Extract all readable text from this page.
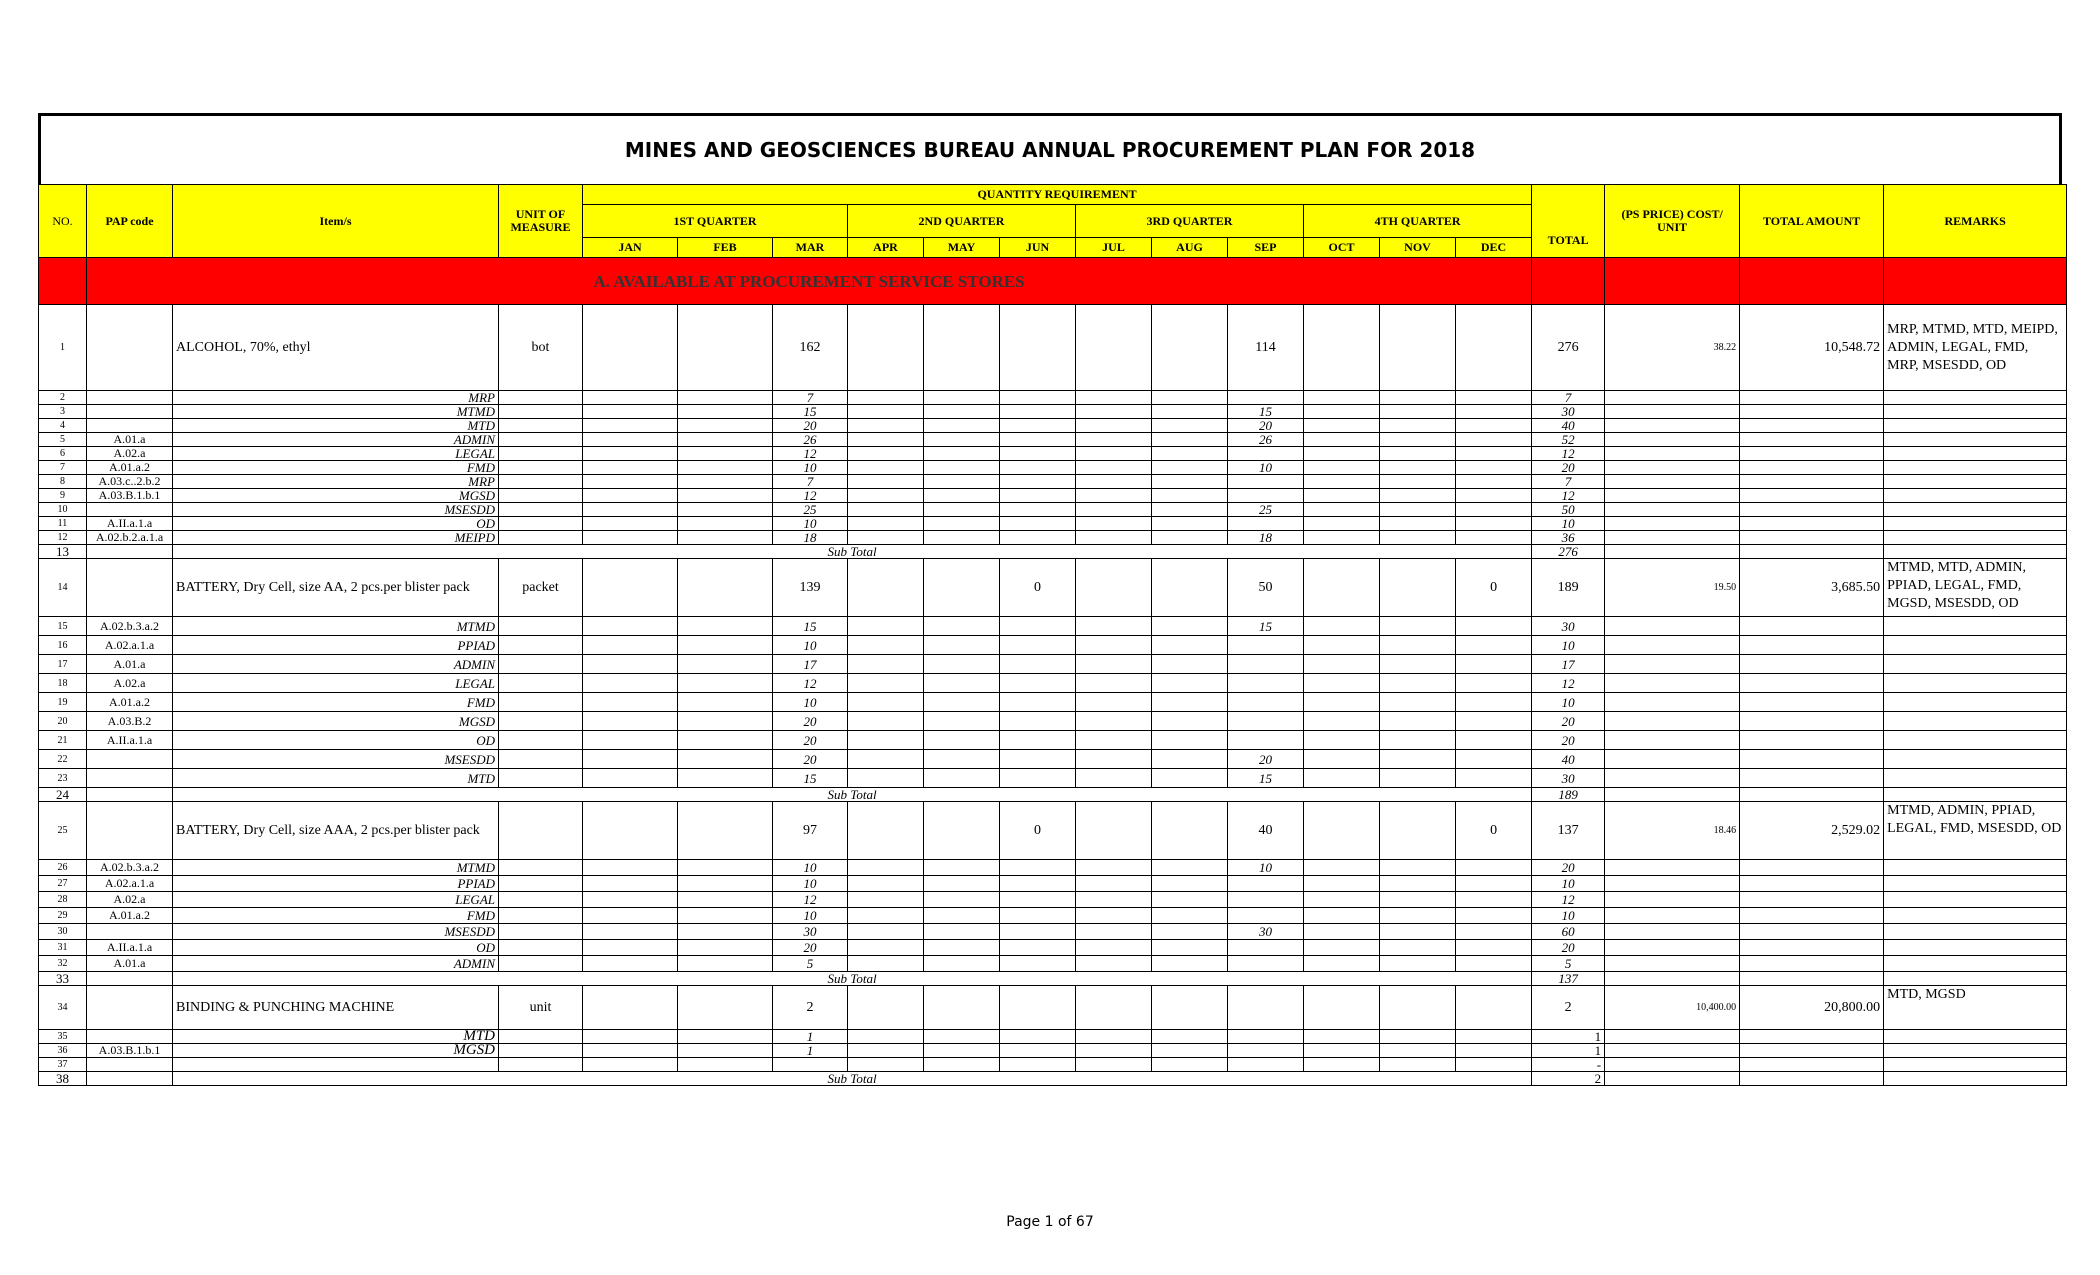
MINES AND GEOSCIENCES BUREAU ANNUAL PROCUREMENT PLAN FOR 2018
NO.	PAP code	Item/s	UNIT OF MEASURE	QUANTITY REQUIREMENT												TOTAL	(PS PRICE) COST/ UNIT	TOTAL AMOUNT	REMARKS
				1ST QUARTER			2ND QUARTER			3RD QUARTER			4TH QUARTER						
				JAN	FEB	MAR	APR	MAY	JUN	JUL	AUG	SEP	OCT	NOV	DEC				
	A. AVAILABLE AT PROCUREMENT SERVICE STORES																		
1		ALCOHOL, 70%, ethyl	bot			162						114				276	38.22	10,548.72	MRP, MTMD, MTD, MEIPD, ADMIN, LEGAL, FMD, MRP, MSESDD, OD
2		MRP				7										7			
3		MTMD				15						15				30			
4		MTD				20						20				40			
5	A.01.a	ADMIN				26						26				52			
6	A.02.a	LEGAL				12										12			
7	A.01.a.2	FMD				10						10				20			
8	A.03.c..2.b.2	MRP				7										7			
9	A.03.B.1.b.1	MGSD				12										12			
10		MSESDD				25						25				50			
11	A.II.a.1.a	OD				10										10			
12	A.02.b.2.a.1.a	MEIPD				18						18				36			
13		Sub Total														276			
14		BATTERY, Dry Cell, size AA, 2 pcs.per blister pack	packet			139			0			50			0	189	19.50	3,685.50	MTMD, MTD, ADMIN, PPIAD, LEGAL, FMD, MGSD, MSESDD, OD
15	A.02.b.3.a.2	MTMD				15						15				30			
16	A.02.a.1.a	PPIAD				10										10			
17	A.01.a	ADMIN				17										17			
18	A.02.a	LEGAL				12										12			
19	A.01.a.2	FMD				10										10			
20	A.03.B.2	MGSD				20										20			
21	A.II.a.1.a	OD				20										20			
22		MSESDD				20						20				40			
23		MTD				15						15				30			
24		Sub Total														189			
25		BATTERY, Dry Cell, size AAA, 2 pcs.per blister pack				97			0			40			0	137	18.46	2,529.02	MTMD, ADMIN, PPIAD, LEGAL, FMD, MSESDD, OD
26	A.02.b.3.a.2	MTMD				10						10				20			
27	A.02.a.1.a	PPIAD				10										10			
28	A.02.a	LEGAL				12										12			
29	A.01.a.2	FMD				10										10			
30		MSESDD				30						30				60			
31	A.II.a.1.a	OD				20										20			
32	A.01.a	ADMIN				5										5			
33		Sub Total														137			
34		BINDING & PUNCHING MACHINE	unit			2										2	10,400.00	20,800.00	MTD, MGSD
35		MTD				1										1			
36	A.03.B.1.b.1	MGSD				1										1			
37																-			
38		Sub Total														2			
Page 1 of 67
